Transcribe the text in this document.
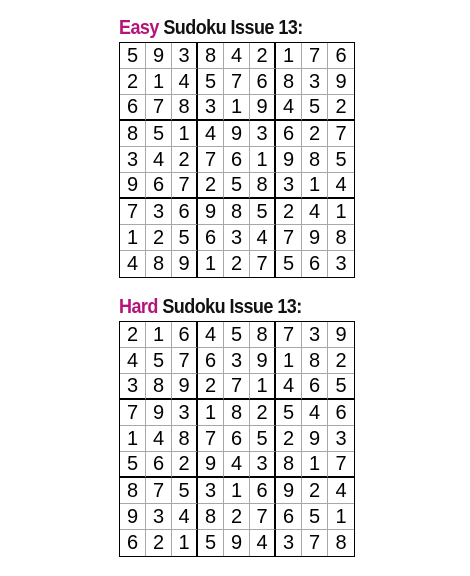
Easy Sudoku Issue 13:
5 9 3 8 4 2 1 7 6
2 1 4 5 7 6 8 3 9
6 7 8 3 1 9 4 5 2
8 5 1 4 9 3 6 2 7
3 4 2 7 6 1 9 8 5
9 6 7 2 5 8 3 1 4
7 3 6 9 8 5 2 4 1
1 2 5 6 3 4 7 9 8
4 8 9 1 2 7 5 6 3
Hard Sudoku Issue 13:
2 1 6 4 5 8 7 3 9
4 5 7 6 3 9 1 8 2
3 8 9 2 7 1 4 6 5
7 9 3 1 8 2 5 4 6
1 4 8 7 6 5 2 9 3
5 6 2 9 4 3 8 1 7
8 7 5 3 1 6 9 2 4
9 3 4 8 2 7 6 5 1
6 2 1 5 9 4 3 7 8
